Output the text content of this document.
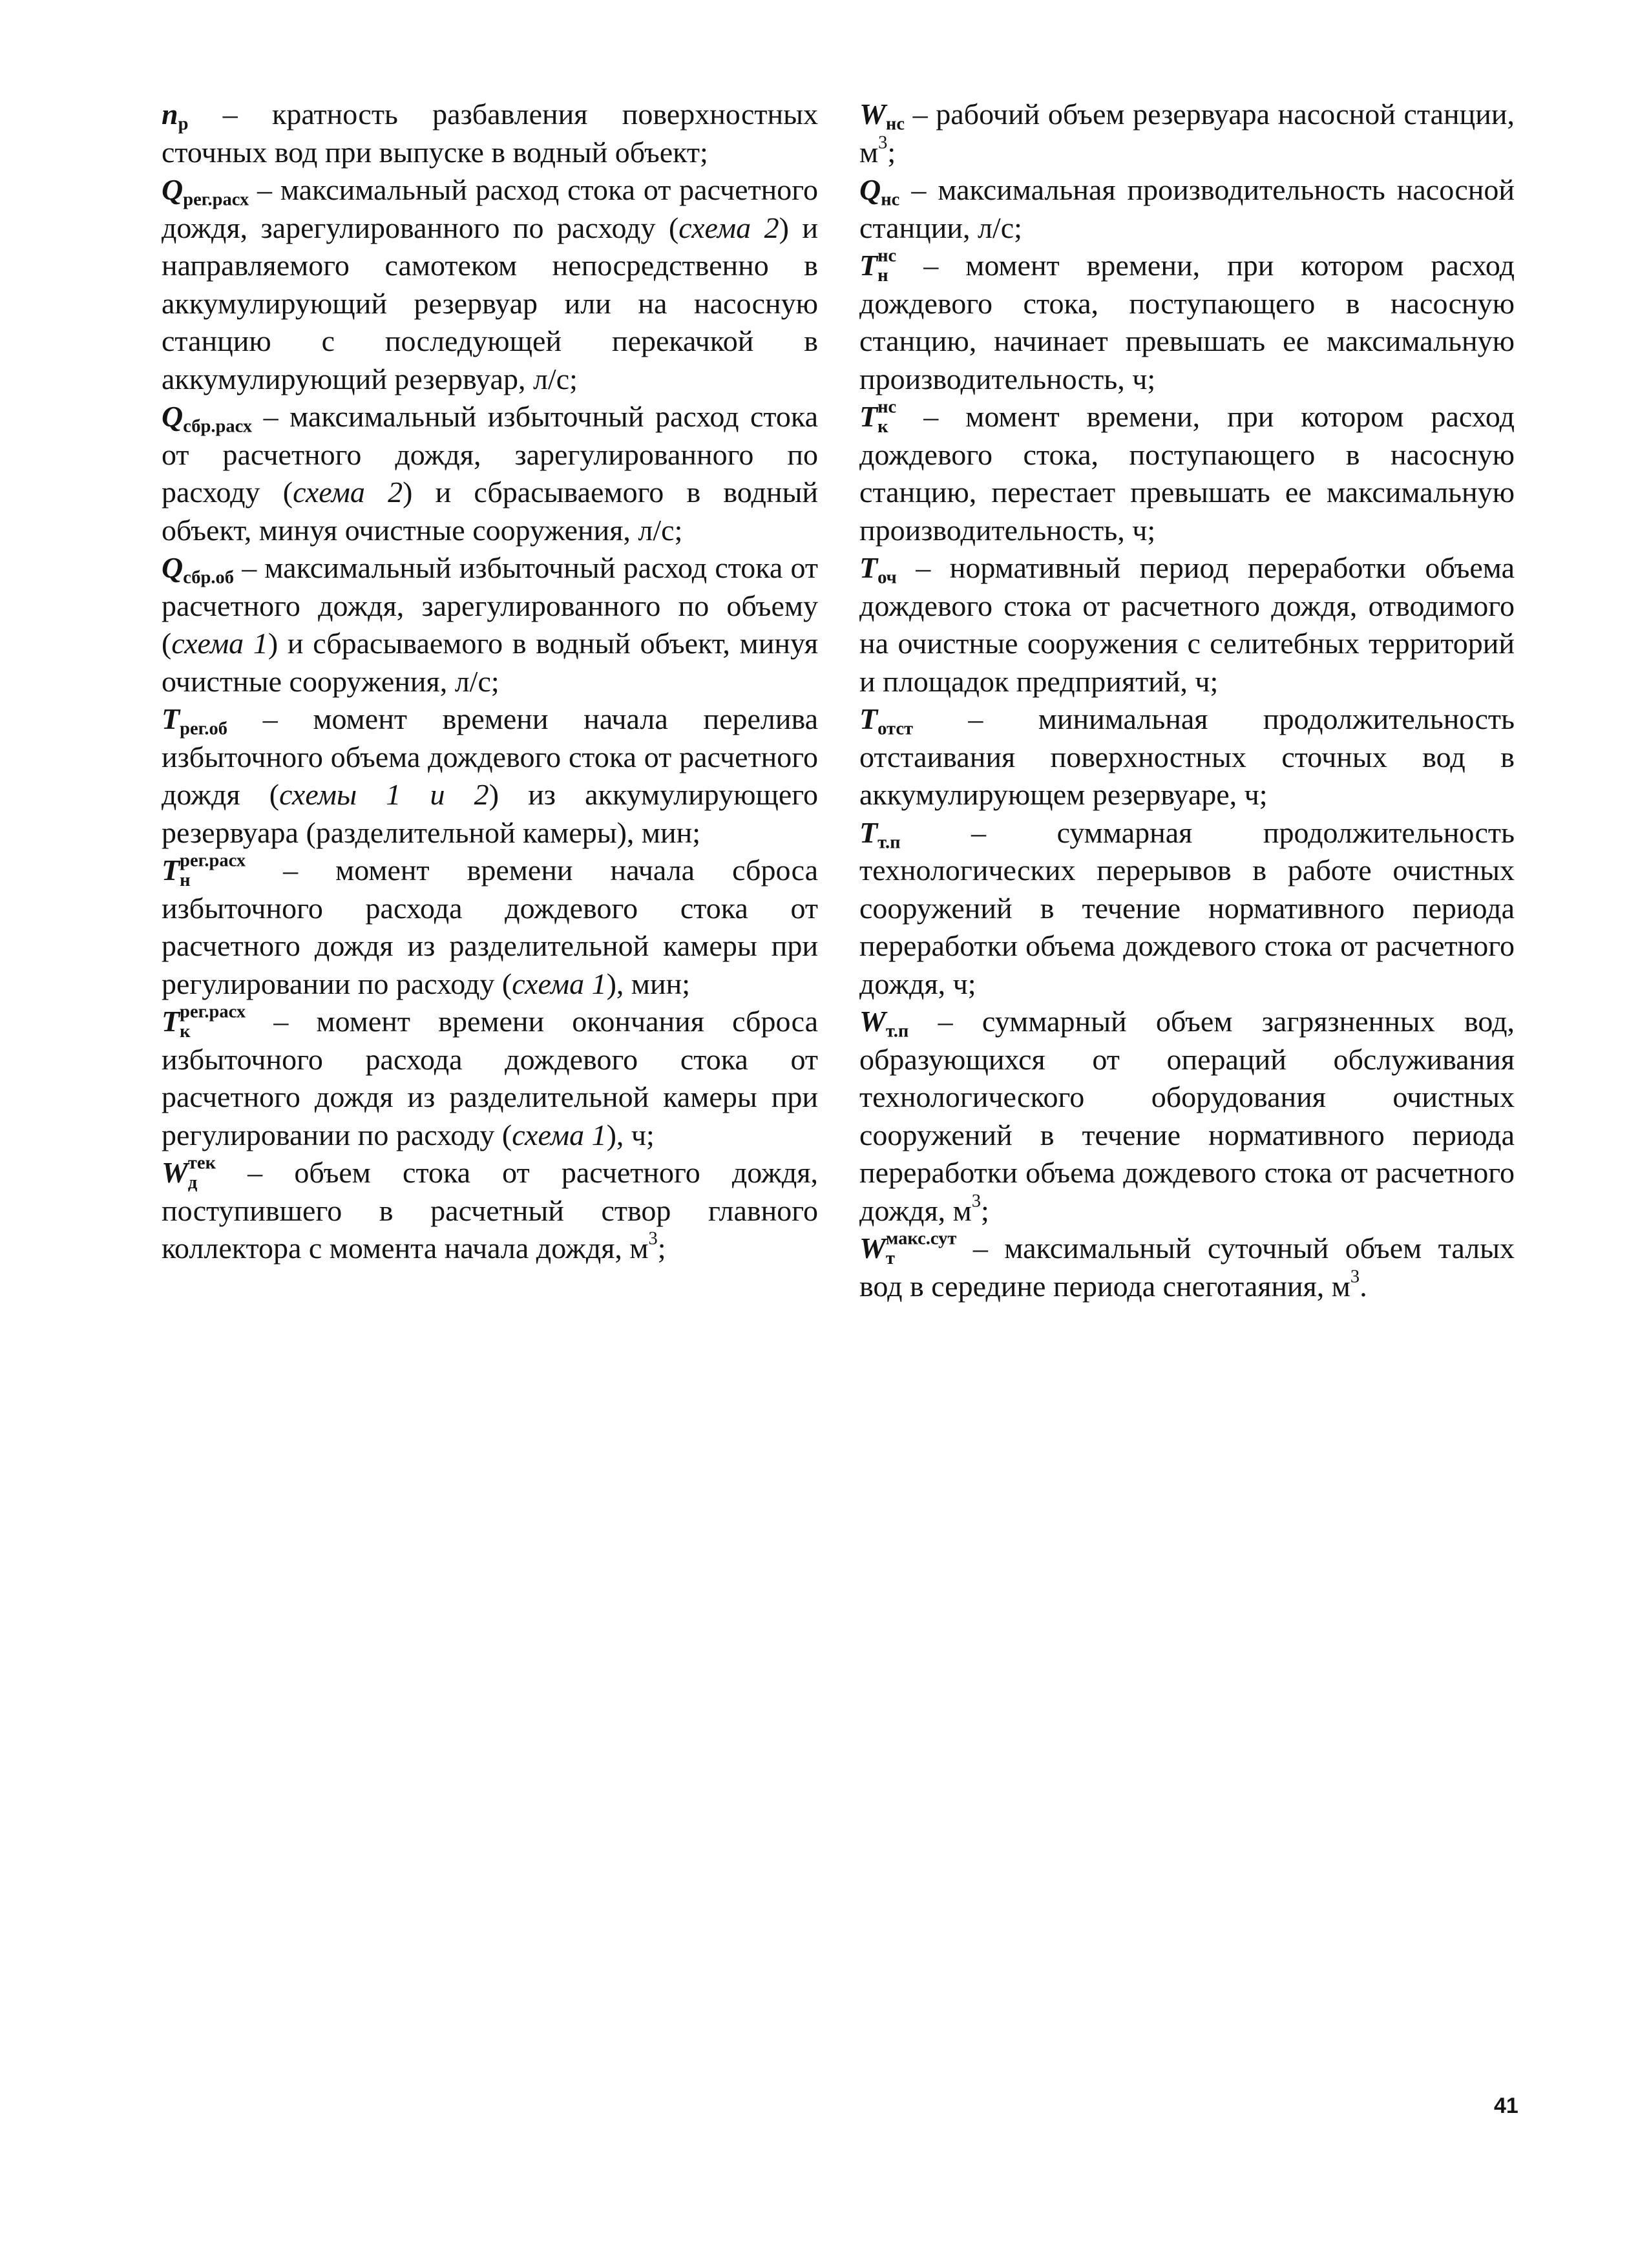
$n_р$ – кратность разбавления поверхностных сточных вод при выпуске в водный объект;

$Q_{рег.расх}$ – максимальный расход стока от расчетного дождя, зарегулированного по расходу (схема 2) и направляемого самотеком непосредственно в аккумулирующий резервуар или на насосную станцию с последующей перекачкой в аккумулирующий резервуар, л/с;

$Q_{сбр.расх}$ – максимальный избыточный расход стока от расчетного дождя, зарегулированного по расходу (схема 2) и сбрасываемого в водный объект, минуя очистные сооружения, л/с;

$Q_{сбр.об}$ – максимальный избыточный расход стока от расчетного дождя, зарегулированного по объему (схема 1) и сбрасываемого в водный объект, минуя очистные сооружения, л/с;

$T_{рег.об}$ – момент времени начала перелива избыточного объема дождевого стока от расчетного дождя (схемы 1 и 2) из аккумулирующего резервуара (разделительной камеры), мин;

$T^{рег.расх}_н$ – момент времени начала сброса избыточного расхода дождевого стока от расчетного дождя из разделительной камеры при регулировании по расходу (схема 1), мин;

$T^{рег.расх}_к$ – момент времени окончания сброса избыточного расхода дождевого стока от расчетного дождя из разделительной камеры при регулировании по расходу (схема 1), ч;

$W^{тек}_д$ – объем стока от расчетного дождя, поступившего в расчетный створ главного коллектора с момента начала дождя, $м^3$;

$W_{нс}$ – рабочий объем резервуара насосной станции, $м^3$;

$Q_{нс}$ – максимальная производительность насосной станции, л/с;

$T^{нс}_н$ – момент времени, при котором расход дождевого стока, поступающего в насосную станцию, начинает превышать ее максимальную производительность, ч;

$T^{нс}_к$ – момент времени, при котором расход дождевого стока, поступающего в насосную станцию, перестает превышать ее максимальную производительность, ч;

$T_{оч}$ – нормативный период переработки объема дождевого стока от расчетного дождя, отводимого на очистные сооружения с селитебных территорий и площадок предприятий, ч;

$T_{отст}$ – минимальная продолжительность отстаивания поверхностных сточных вод в аккумулирующем резервуаре, ч;

$T_{т.п}$ – суммарная продолжительность технологических перерывов в работе очистных сооружений в течение нормативного периода переработки объема дождевого стока от расчетного дождя, ч;

$W_{т.п}$ – суммарный объем загрязненных вод, образующихся от операций обслуживания технологического оборудования очистных сооружений в течение нормативного периода переработки объема дождевого стока от расчетного дождя, $м^3$;

$W^{макс.сут}_т$ – максимальный суточный объем талых вод в середине периода снеготаяния, $м^3$.

41
